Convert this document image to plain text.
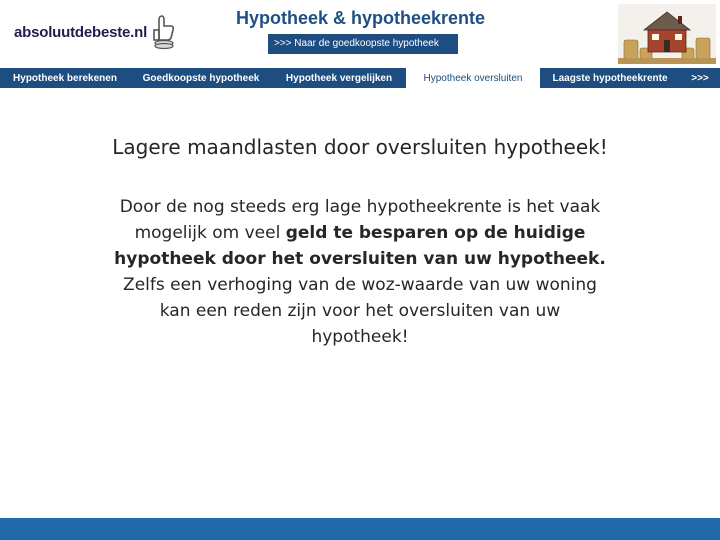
absoluutdebeste.nl
Hypotheek & hypotheekrente
>>> Naar de goedkoopste hypotheek
Hypotheek berekenen	Goedkoopste hypotheek	Hypotheek vergelijken	Hypotheek oversluiten	Laagste hypotheekrente	>>>
Lagere maandlasten door oversluiten hypotheek!

Door de nog steeds erg lage hypotheekrente is het vaak mogelijk om veel geld te besparen op de huidige hypotheek door het oversluiten van uw hypotheek.

Zelfs een verhoging van de woz-waarde van uw woning kan een reden zijn voor het oversluiten van uw hypotheek!
